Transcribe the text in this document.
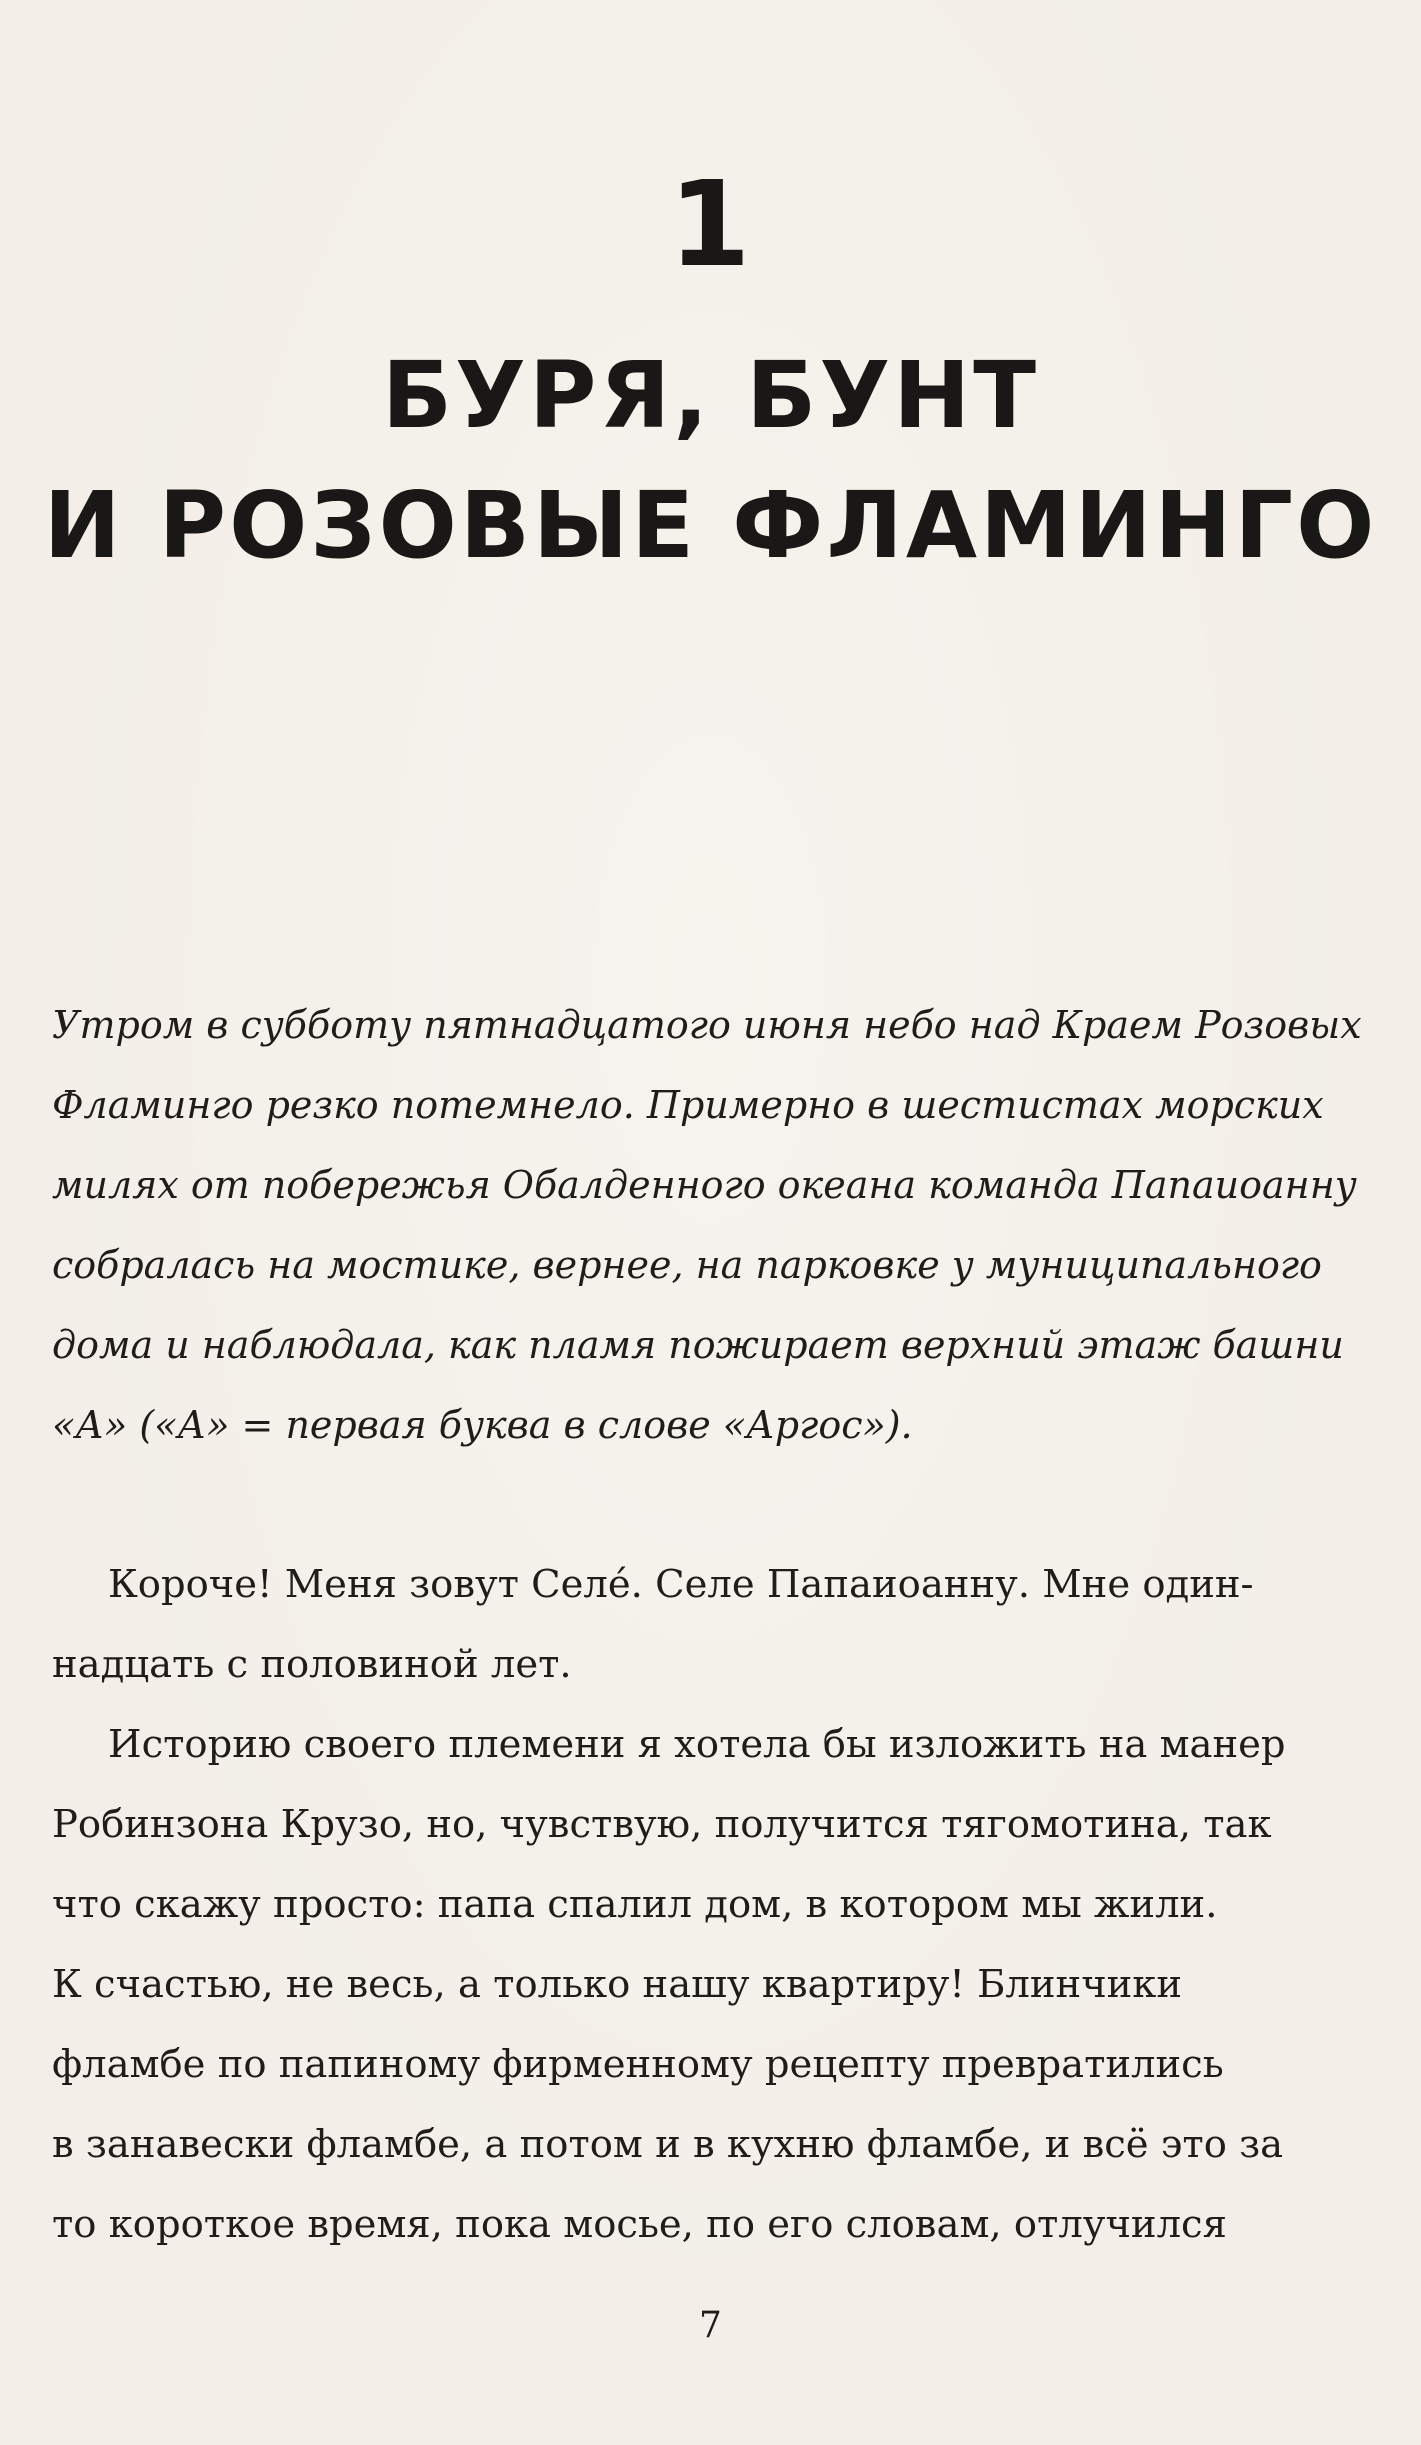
1
БУРЯ, БУНТ
И РОЗОВЫЕ ФЛАМИНГО
Утром в субботу пятнадцатого июня небо над Краем Розовых
Фламинго резко потемнело. Примерно в шестистах морских
милях от побережья Обалденного океана команда Папаиоанну
собралась на мостике, вернее, на парковке у муниципального
дома и наблюдала, как пламя пожирает верхний этаж башни
«А» («А» = первая буква в слове «Аргос»).
Короче! Меня зовут Селе́. Селе Папаиоанну. Мне один-
надцать с половиной лет.
Историю своего племени я хотела бы изложить на манер
Робинзона Крузо, но, чувствую, получится тягомотина, так
что скажу просто: папа спалил дом, в котором мы жили.
К счастью, не весь, а только нашу квартиру! Блинчики
фламбе по папиному фирменному рецепту превратились
в занавески фламбе, а потом и в кухню фламбе, и всё это за
то короткое время, пока мосье, по его словам, отлучился
7
